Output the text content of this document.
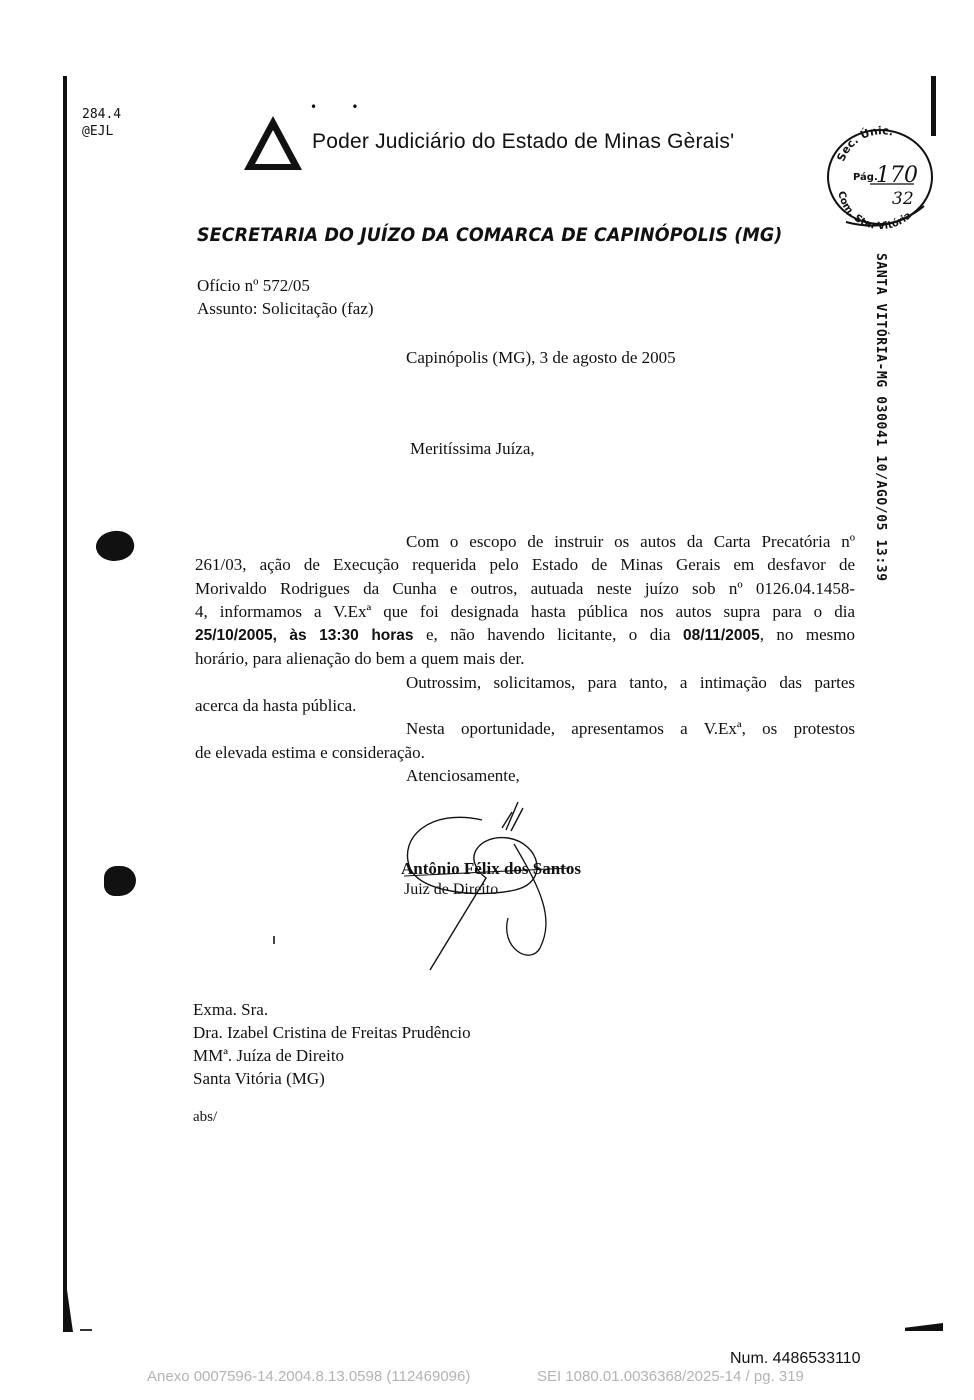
284.4
@EJL
•         •
Poder Judiciário do Estado de Minas Gèrais'
SECRETARIA DO JUÍZO DA COMARCA DE CAPINÓPOLIS (MG)
Sec. Únic.
Pág.
170
32
Com. Sta. Vitória
SANTA VITÓRIA-MG 030041 10/AGO/05 13:39
Ofício nº 572/05
Assunto: Solicitação (faz)
Capinópolis (MG), 3 de agosto de 2005
Meritíssima Juíza,

Com o escopo de instruir os autos da Carta Precatória nº

261/03, ação de Execução requerida pelo Estado de Minas Gerais em desfavor de

Morivaldo Rodrigues da Cunha e outros, autuada neste juízo sob nº 0126.04.1458-

4, informamos a V.Exª que foi designada hasta pública nos autos supra para o dia

25/10/2005, às 13:30 horas e, não havendo licitante, o dia 08/11/2005, no mesmo

horário, para alienação do bem a quem mais der.

Outrossim, solicitamos, para tanto, a intimação das partes

acerca da hasta pública.

Nesta oportunidade, apresentamos a V.Exª, os protestos

de elevada estima e consideração.

Atenciosamente,

Antônio Félix dos Santos
Juiz de Direito
Exma. Sra.
Dra. Izabel Cristina de Freitas Prudêncio
MMª. Juíza de Direito
Santa Vitória (MG)
abs/
Num. 4486533110
Anexo 0007596-14.2004.8.13.0598 (112469096)	SEI 1080.01.0036368/2025-14 / pg. 319
